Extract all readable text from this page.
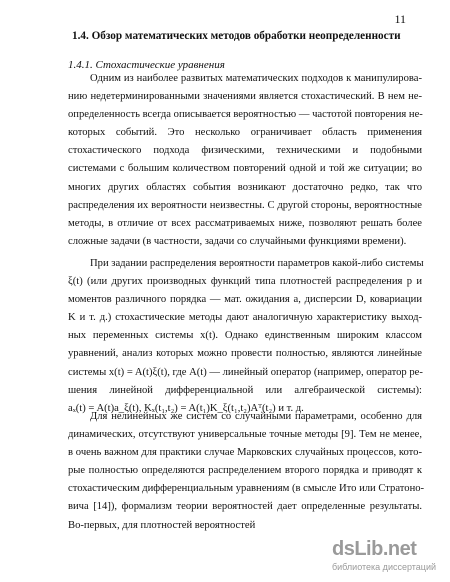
11
1.4. Обзор математических методов обработки неопределенности
1.4.1. Стохастические уравнения
Одним из наиболее развитых математических подходов к манипулирова-
нию недетерминированными значениями является стохастический. В нем не-
определенность всегда описывается вероятностью — частотой повторения не-
которых событий. Это несколько ограничивает область применения
стохастического подхода физическими, техническими и подобными
системами с большим количеством повторений одной и той же ситуации; во
многих других областях события возникают достаточно редко, так что
распределения их вероятности неизвестны. С другой стороны, вероятностные
методы, в отличие от всех рассматриваемых ниже, позволяют решать более
сложные задачи (в частности, задачи со случайными функциями времени).
При задании распределения вероятности параметров какой-либо системы
ξ(t) (или других производных функций типа плотностей распределения p и
моментов различного порядка — мат. ожидания a, дисперсии D, ковариации
K и т. д.) стохастические методы дают аналогичную характеристику выход-
ных переменных системы x(t). Однако единственным широким классом
уравнений, анализ которых можно провести полностью, являются линейные
системы x(t) = A(t)ξ(t), где A(t) — линейный оператор (например, оператор ре-
шения линейной дифференциальной или алгебраической системы):
aₓ(t) = A(t)a_ξ(t), Kₓ(t₁,t₂) = A(t₁)K_ξ(t₁,t₂)Aᵀ(t₂) и т. д.
Для нелинейных же систем со случайными параметрами, особенно для
динамических, отсутствуют универсальные точные методы [9]. Тем не менее,
в очень важном для практики случае Марковских случайных процессов, кото-
рые полностью определяются распределением второго порядка и приводят к
стохастическим дифференциальным уравнениям (в смысле Ито или Стратоно-
вича [14]), формализм теории вероятностей дает определенные результаты.
Во-первых, для плотностей вероятностей
dsLib.net
библиотека диссертаций
